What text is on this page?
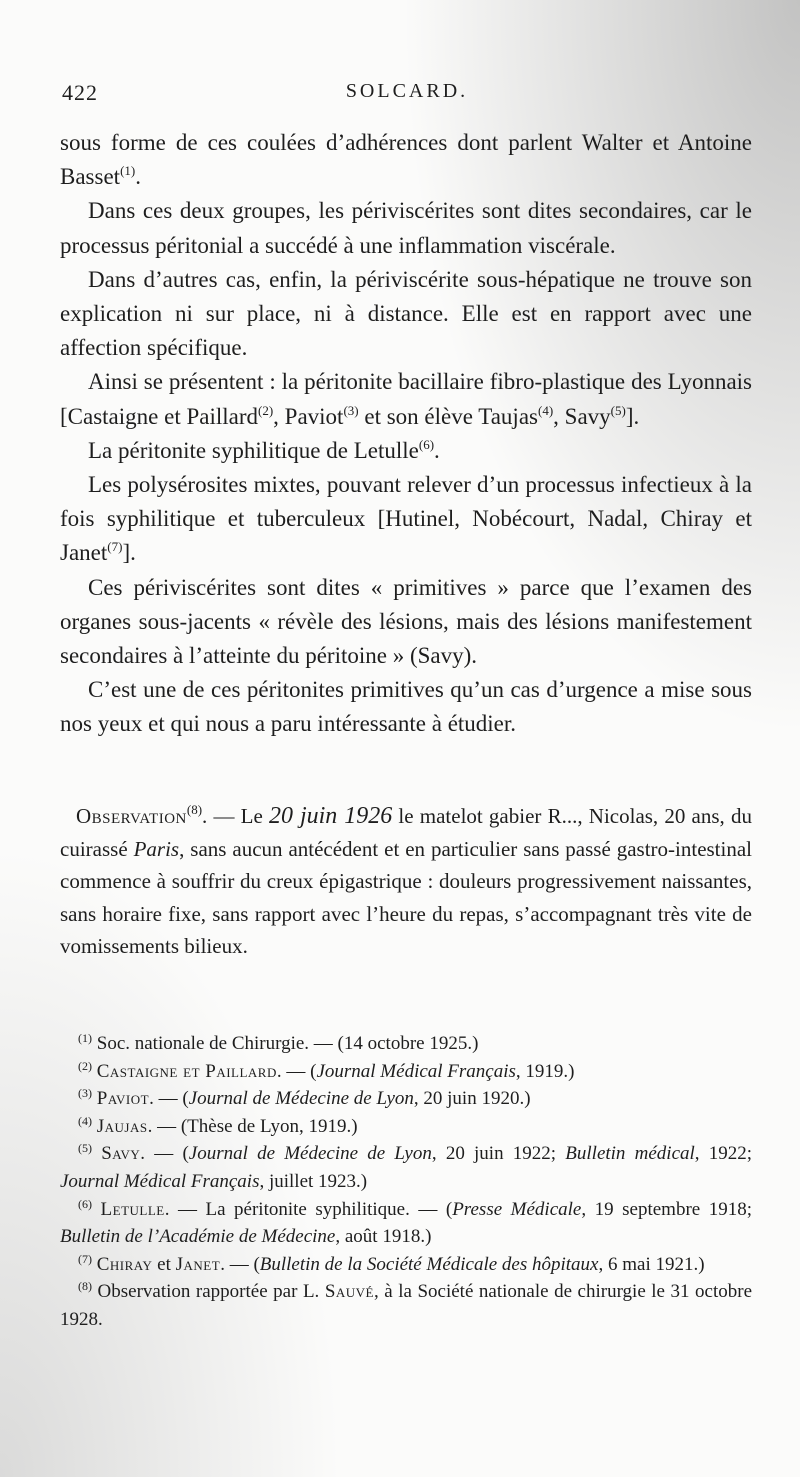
422	SOLCARD.

sous forme de ces coulées d’adhérences dont parlent Walter et Antoine Basset$^{(1)}$.

Dans ces deux groupes, les périviscérites sont dites secondaires, car le processus péritonial a succédé à une inflammation viscérale.

Dans d’autres cas, enfin, la périviscérite sous-hépatique ne trouve son explication ni sur place, ni à distance. Elle est en rapport avec une affection spécifique.

Ainsi se présentent : la péritonite bacillaire fibro-plastique des Lyonnais [Castaigne et Paillard$^{(2)}$, Paviot$^{(3)}$ et son élève Taujas$^{(4)}$, Savy$^{(5)}$].

La péritonite syphilitique de Letulle$^{(6)}$.

Les polysérosites mixtes, pouvant relever d’un processus infectieux à la fois syphilitique et tuberculeux [Hutinel, Nobécourt, Nadal, Chiray et Janet$^{(7)}$].

Ces périviscérites sont dites « primitives » parce que l’examen des organes sous-jacents « révèle des lésions, mais des lésions manifestement secondaires à l’atteinte du péritoine » (Savy).

C’est une de ces péritonites primitives qu’un cas d’urgence a mise sous nos yeux et qui nous a paru intéressante à étudier.

Observation$^{(8)}$. — Le 20 juin 1926 le matelot gabier R..., Nicolas, 20 ans, du cuirassé Paris, sans aucun antécédent et en particulier sans passé gastro-intestinal commence à souffrir du creux épigastrique : douleurs progressivement naissantes, sans horaire fixe, sans rapport avec l’heure du repas, s’accompagnant très vite de vomissements bilieux.

$^{(1)}$ Soc. nationale de Chirurgie. — (14 octobre 1925.)

$^{(2)}$ Castaigne et Paillard. — (Journal Médical Français, 1919.)

$^{(3)}$ Paviot. — (Journal de Médecine de Lyon, 20 juin 1920.)

$^{(4)}$ Jaujas. — (Thèse de Lyon, 1919.)

$^{(5)}$ Savy. — (Journal de Médecine de Lyon, 20 juin 1922; Bulletin médical, 1922; Journal Médical Français, juillet 1923.)

$^{(6)}$ Letulle. — La péritonite syphilitique. — (Presse Médicale, 19 septembre 1918; Bulletin de l’Académie de Médecine, août 1918.)

$^{(7)}$ Chiray et Janet. — (Bulletin de la Société Médicale des hôpitaux, 6 mai 1921.)

$^{(8)}$ Observation rapportée par L. Sauvé, à la Société nationale de chirurgie le 31 octobre 1928.
